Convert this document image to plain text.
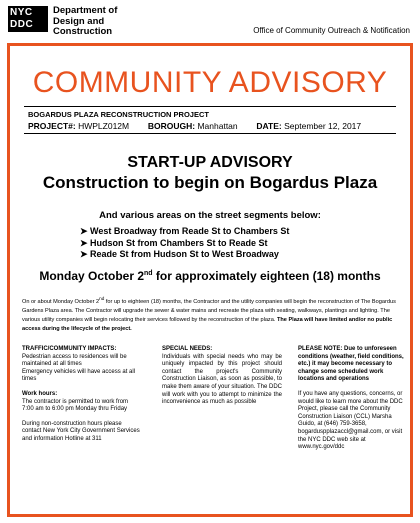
NYC
DDC
Department of
Design and
Construction	Office of Community Outreach & Notification
COMMUNITY ADVISORY
BOGARDUS PLAZA RECONSTRUCTION PROJECT
PROJECT#: HWPLZ012M BOROUGH: Manhattan DATE: September 12, 2017
START-UP ADVISORY
Construction to begin on Bogardus Plaza
And various areas on the street segments below:
➤ West Broadway from Reade St to Chambers St
➤ Hudson St from Chambers St to Reade St
➤ Reade St from Hudson St to West Broadway
Monday October 2nd for approximately eighteen (18) months
On or about Monday October 2nd for up to eighteen (18) months, the Contractor and the utility companies will begin the reconstruction of The Bogardus Gardens Plaza area. The Contractor will upgrade the sewer & water mains and recreate the plaza with seating, walkways, plantings and lighting. The various utility companies will begin relocating their services followed by the reconstruction of the plaza. The Plaza will have limited and/or no public access during the lifecycle of the project.
TRAFFIC/COMMUNITY IMPACTS:
Pedestrian access to residences will be maintained at all times

Emergency vehicles will have access at all times

Work hours:

The contractor is permitted to work from 7:00 am to 6:00 pm Monday thru Friday

During non-construction hours please contact New York City Government Services and information Hotline at 311

SPECIAL NEEDS:

Individuals with special needs who may be uniquely impacted by this project should contact the project's Community Construction Liaison, as soon as possible, to make them aware of your situation. The DDC will work with you to attempt to minimize the inconvenience as much as possible

PLEASE NOTE: Due to unforeseen conditions (weather, field conditions, etc.) it may become necessary to change some scheduled work locations and operations

If you have any questions, concerns, or would like to learn more about the DDC Project, please call the Community Construction Liaison (CCL) Marsha Guido, at (646) 759-3658, bogarduspplazaccl@gmail.com, or visit the NYC DDC web site at www.nyc.gov/ddc
